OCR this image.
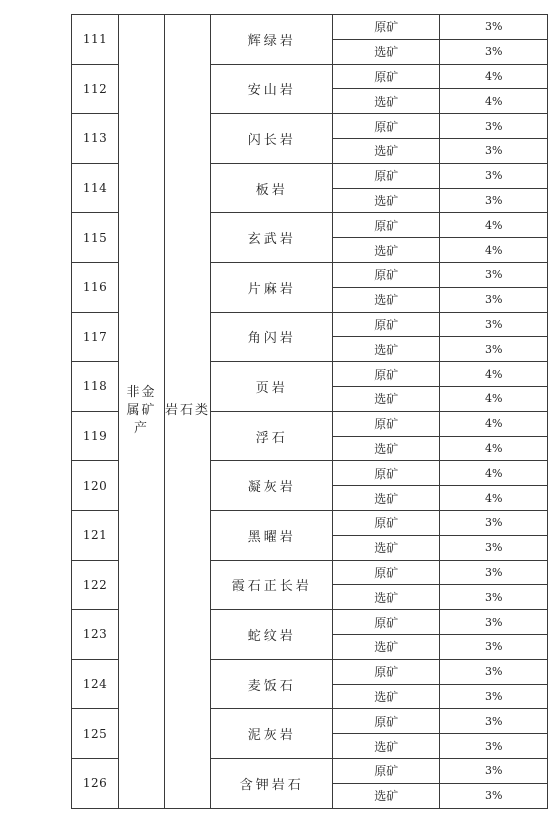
111	非金属矿产	岩石类	辉绿岩	原矿	3%
				选矿	3%
112			安山岩	原矿	4%
				选矿	4%
113			闪长岩	原矿	3%
				选矿	3%
114			板岩	原矿	3%
				选矿	3%
115			玄武岩	原矿	4%
				选矿	4%
116			片麻岩	原矿	3%
				选矿	3%
117			角闪岩	原矿	3%
				选矿	3%
118			页岩	原矿	4%
				选矿	4%
119			浮石	原矿	4%
				选矿	4%
120			凝灰岩	原矿	4%
				选矿	4%
121			黑曜岩	原矿	3%
				选矿	3%
122			霞石正长岩	原矿	3%
				选矿	3%
123			蛇纹岩	原矿	3%
				选矿	3%
124			麦饭石	原矿	3%
				选矿	3%
125			泥灰岩	原矿	3%
				选矿	3%
126			含钾岩石	原矿	3%
				选矿	3%
